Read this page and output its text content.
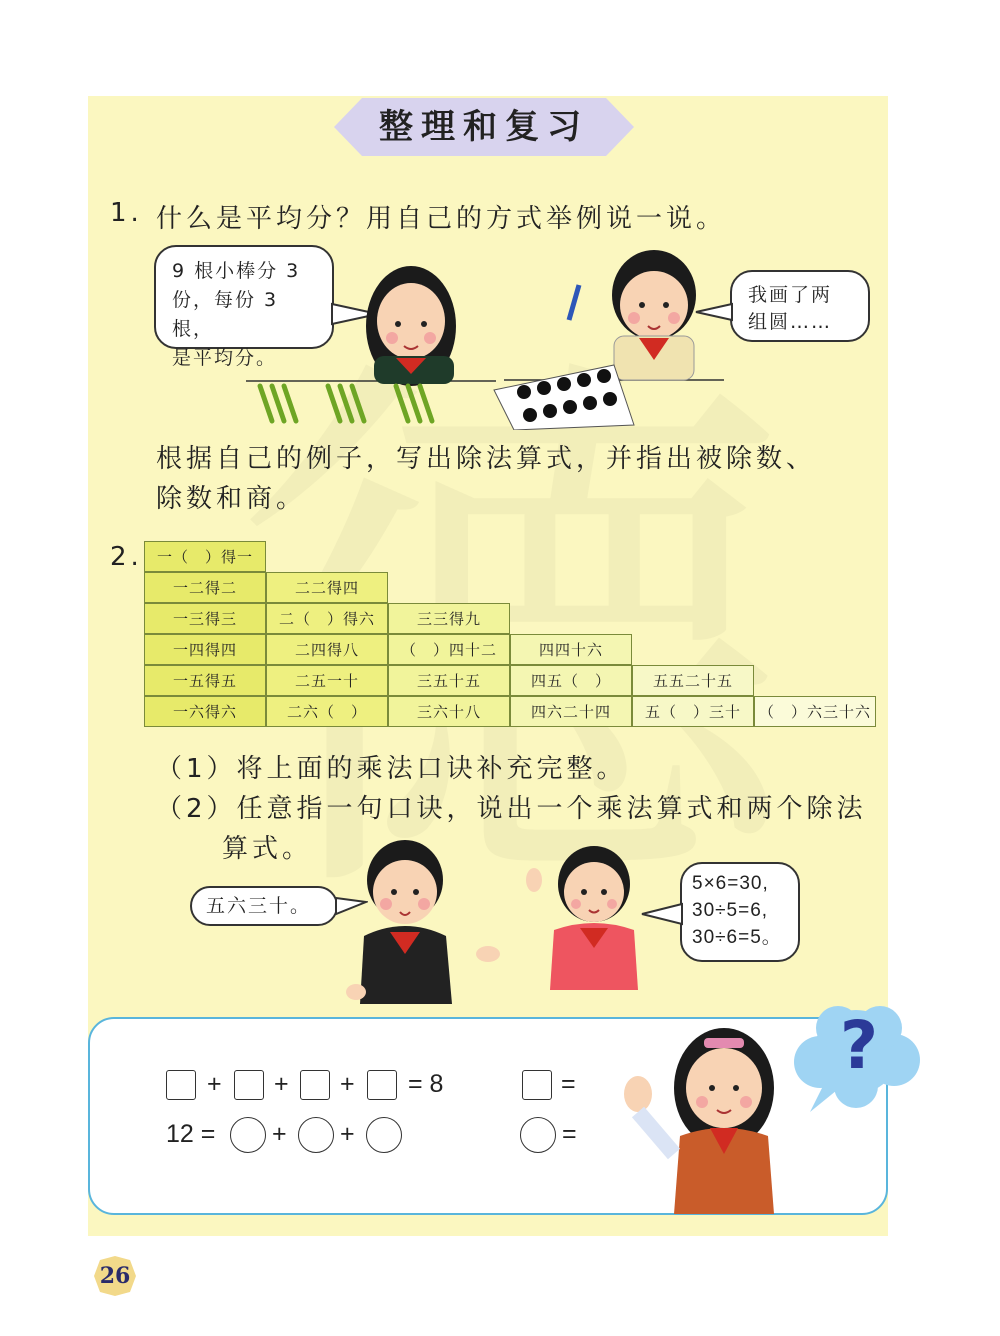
整理和复习
1. 什么是平均分？用自己的方式举例说一说。
9 根小棒分 3
份，每份 3 根，
是平均分。
我画了两
组圆……
根据自己的例子，写出除法算式，并指出被除数、
除数和商。
2. 一（　）得一
一二得二	二二得四
一三得三	二（　）得六	三三得九
一四得四	二四得八	（　）四十二	四四十六
一五得五	二五一十	三五十五	四五（　）	五五二十五
一六得六	二六（　）	三六十八	四六二十四	五（　）三十	（　）六三十六
（1）将上面的乘法口诀补充完整。
（2）任意指一句口诀，说出一个乘法算式和两个除法
算式。
五六三十。
5×6=30,
30÷5=6,
30÷6=5。
+ + + = 8
12 = + +
=
=
?
26
